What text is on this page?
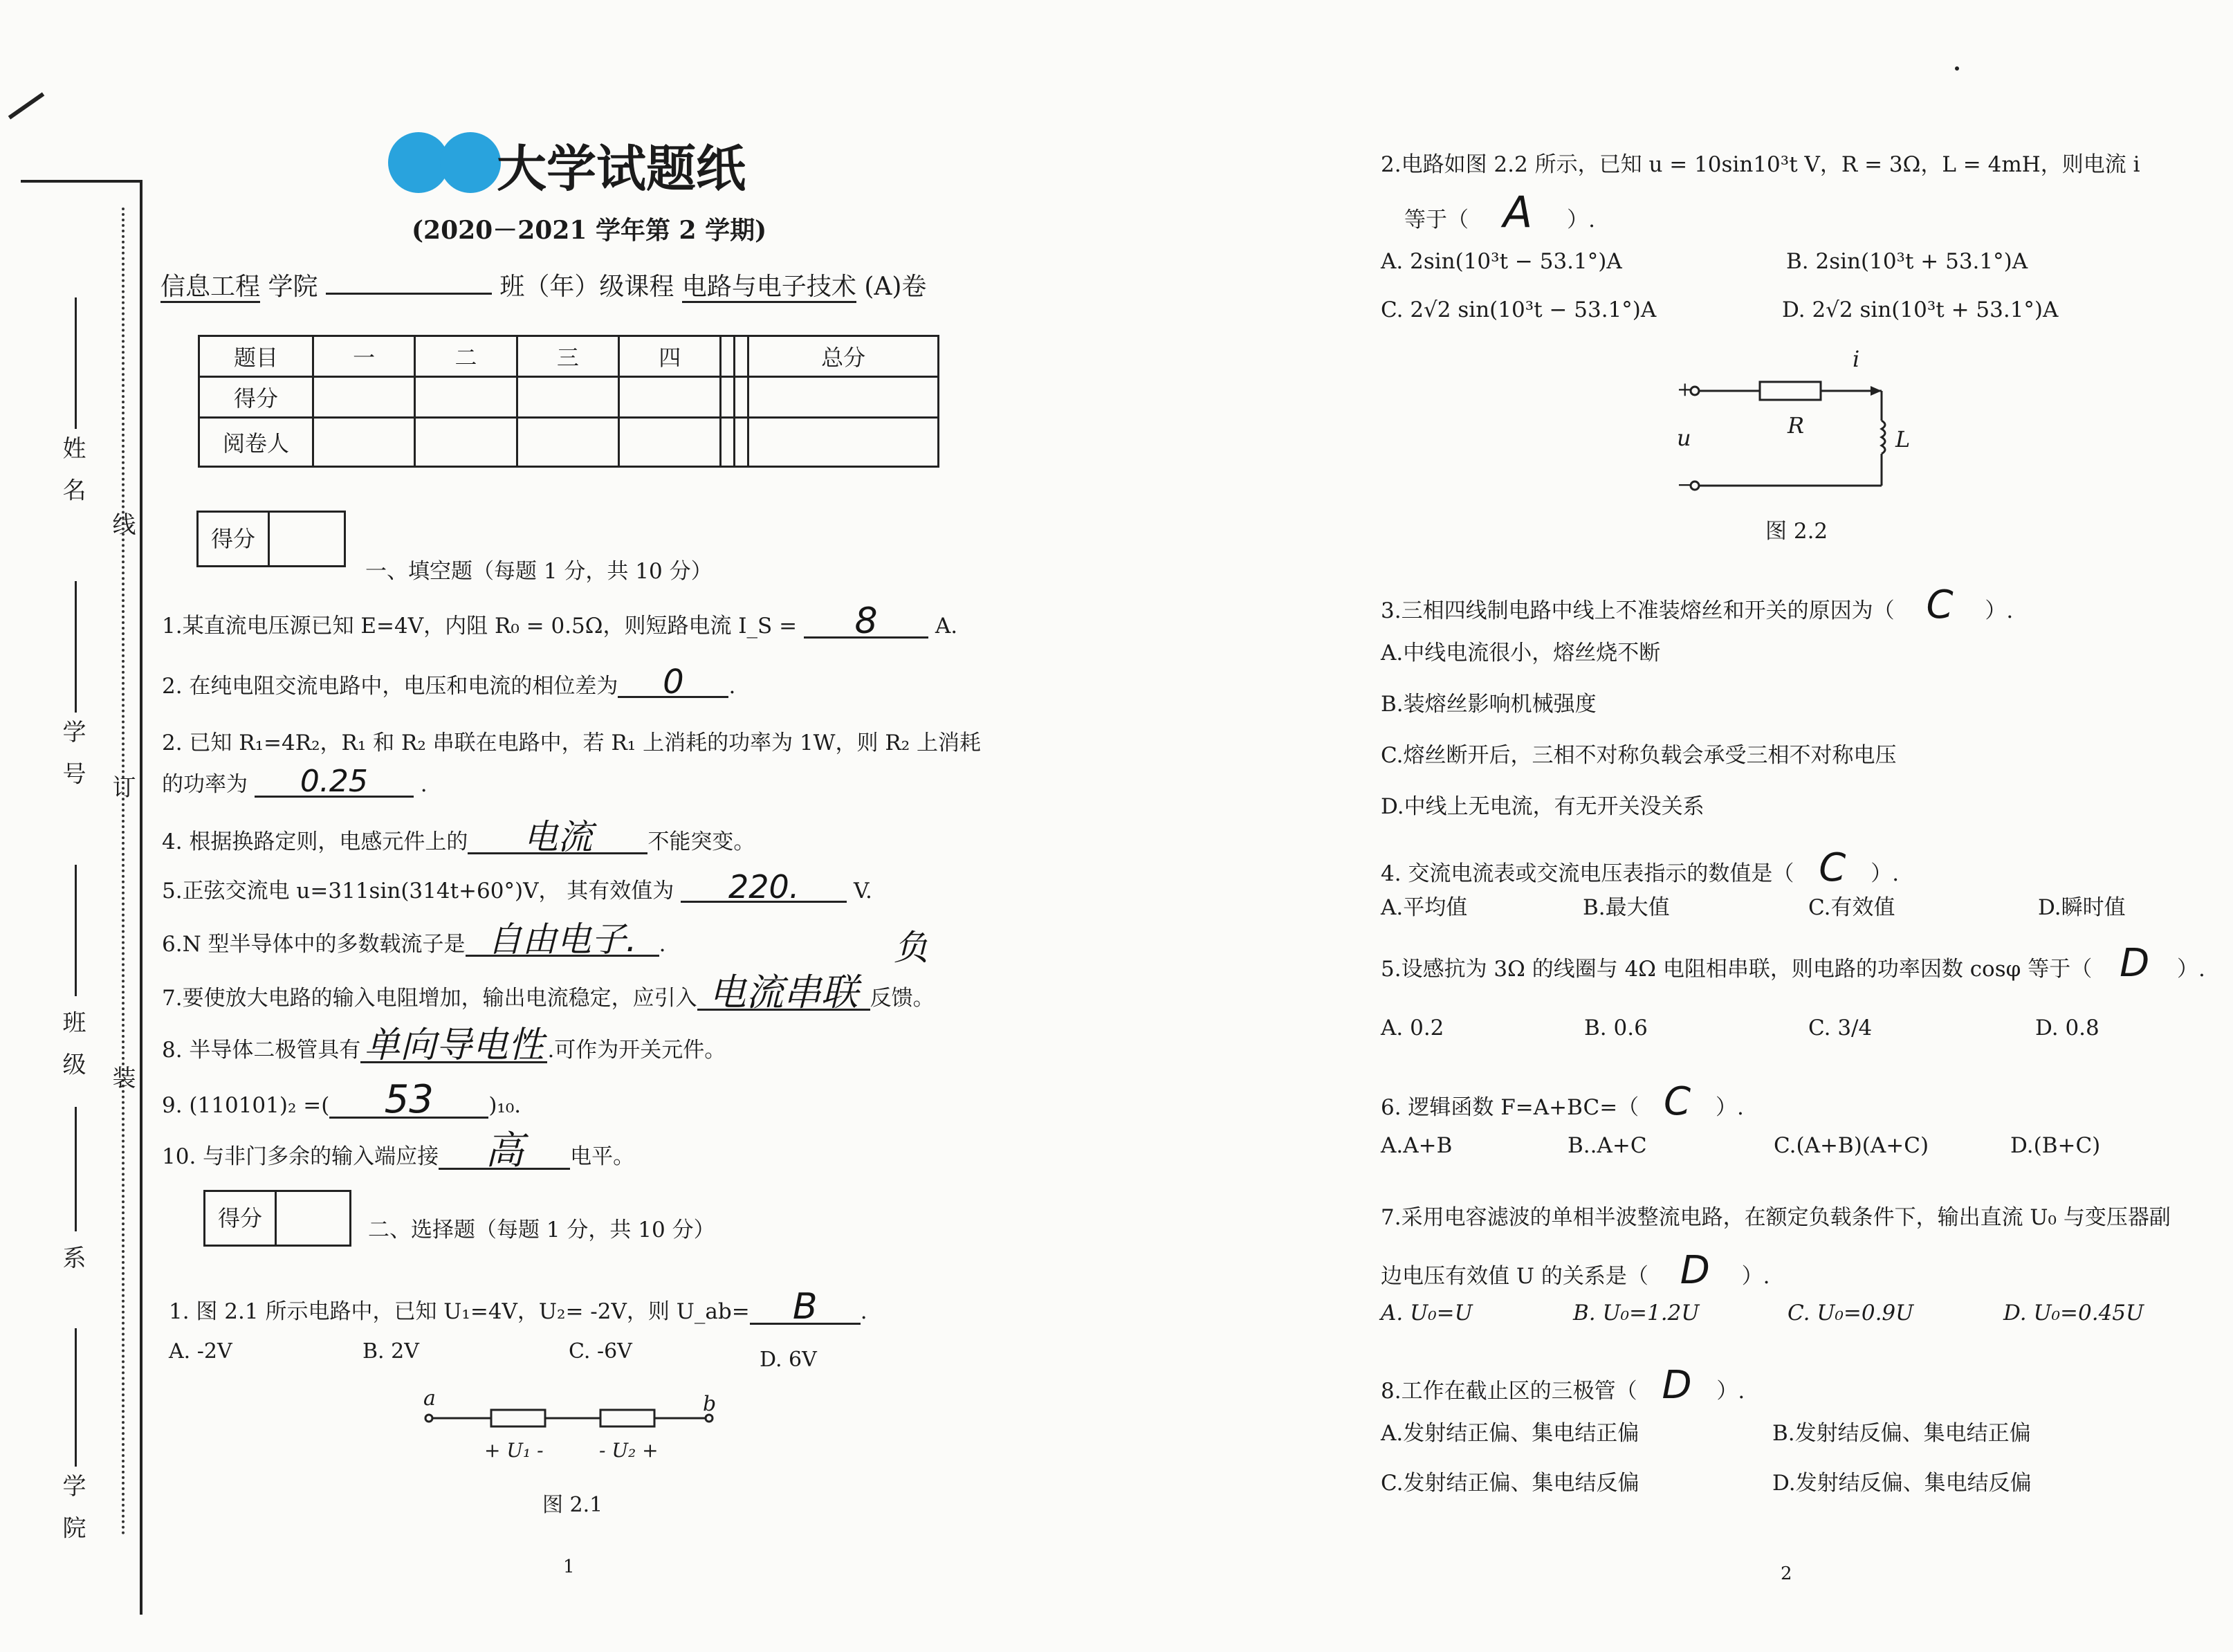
姓 名
线
学 号 订
班 级 装
系
学 院
大学试题纸
(2020－2021 学年第 2 学期)
信息工程 学院	班（年）级课程 电路与电子技术 (A)卷
题目	一	二	三	四			总分
得分							
阅卷人							
得分
一、填空题（每题 1 分，共 10 分）
1.某直流电压源已知 E=4V，内阻 R₀ = 0.5Ω，则短路电流 I_S = 8	A.
2. 在纯电阻交流电路中，电压和电流的相位差为 0 .
2. 已知 R₁=4R₂，R₁ 和 R₂ 串联在电路中，若 R₁ 上消耗的功率为 1W，则 R₂ 上消耗
的功率为 0.25 .
4. 根据换路定则，电感元件上的 电流	不能突变。
5.正弦交流电 u=311sin(314t+60°)V， 其有效值为 220.	V.
6.N 型半导体中的多数载流子是 自由电子. .
7.要使放大电路的输入电阻增加，输出电流稳定，应引入 电流串联 反馈。
负
8. 半导体二极管具有单向导电性 .可作为开关元件。
9. (110101)₂ =( 53	)₁₀.
10. 与非门多余的输入端应接 高 电平。
得分	二、选择题（每题 1 分，共 10 分）
1. 图 2.1 所示电路中，已知 U₁=4V，U₂= -2V，则 U_ab= B .
A. -2V	B. 2V	C. -6V	D. 6V
a	b
+ U₁ -	- U₂ +
图 2.1
1
2.电路如图 2.2 所示，已知 u = 10sin10³t V，R = 3Ω，L = 4mH，则电流 i
等于（ A ）.
A. 2sin(10³t − 53.1°)A	B. 2sin(10³t + 53.1°)A
C. 2√2 sin(10³t − 53.1°)A	D. 2√2 sin(10³t + 53.1°)A
i
+
−
u	R
L
图 2.2
3.三相四线制电路中线上不准装熔丝和开关的原因为（ C ）.
A.中线电流很小，熔丝烧不断
B.装熔丝影响机械强度
C.熔丝断开后，三相不对称负载会承受三相不对称电压
D.中线上无电流，有无开关没关系
4. 交流电流表或交流电压表指示的数值是（ C ）.
A.平均值	B.最大值	C.有效值	D.瞬时值
5.设感抗为 3Ω 的线圈与 4Ω 电阻相串联，则电路的功率因数 cosφ 等于（ D ）.
A. 0.2	B. 0.6	C. 3/4	D. 0.8
6. 逻辑函数 F=A+BC=（ C ）.
A.A+B	B..A+C	C.(A+B)(A+C)	D.(B+C)
7.采用电容滤波的单相半波整流电路，在额定负载条件下，输出直流 U₀ 与变压器副
边电压有效值 U 的关系是（ D ）.
A. U₀=U	B. U₀=1.2U	C. U₀=0.9U	D. U₀=0.45U
8.工作在截止区的三极管（ D ）.
A.发射结正偏、集电结正偏	B.发射结反偏、集电结正偏
C.发射结正偏、集电结反偏	D.发射结反偏、集电结反偏
2
